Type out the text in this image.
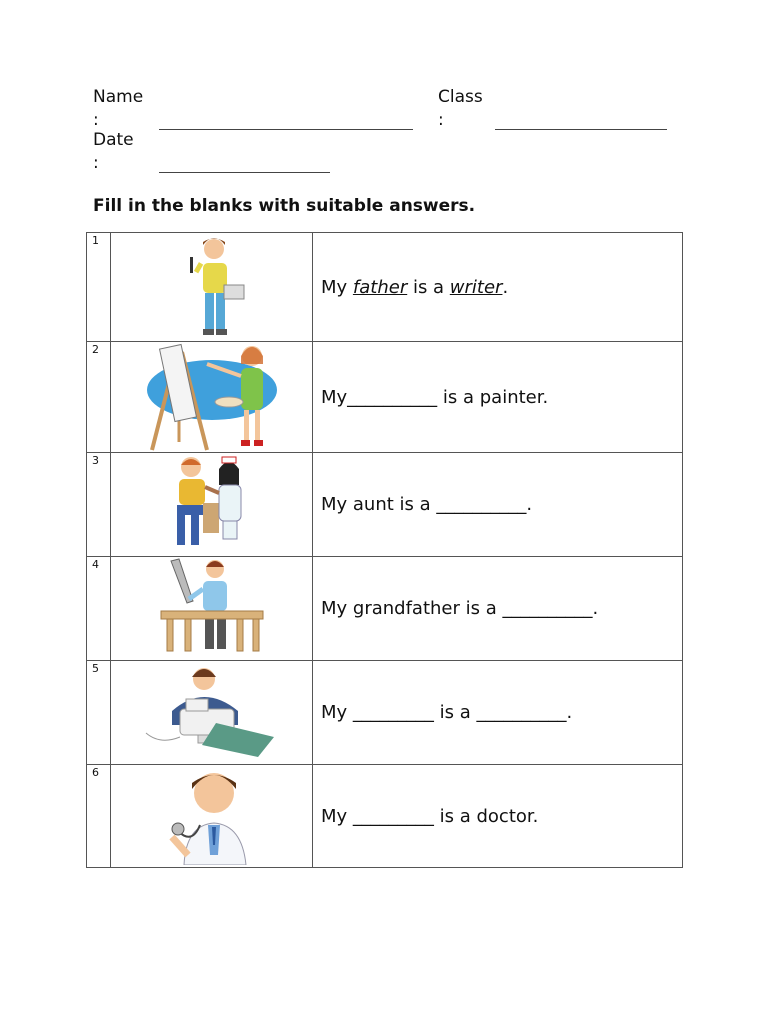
Name
:
Class
:
Date
:
Fill in the blanks with suitable answers.
1		My father is a writer.

2		My__________ is a painter.

3		My aunt is a __________.

4		My grandfather is a __________.

5		My _________ is a __________.

6		My _________ is a doctor.
